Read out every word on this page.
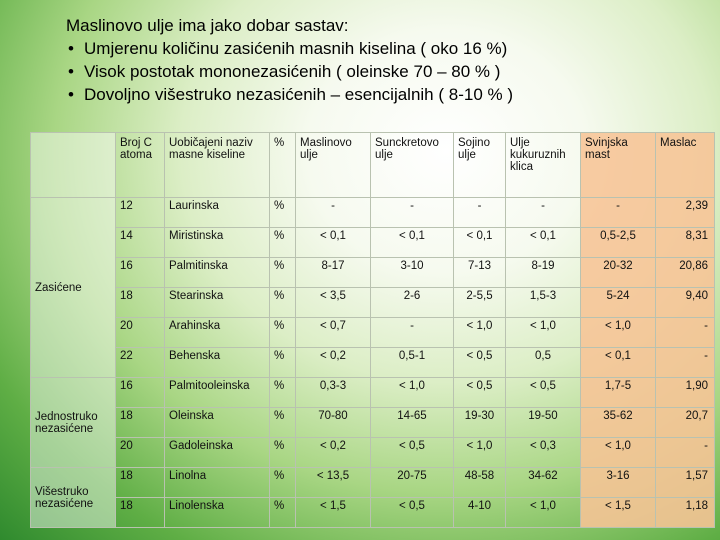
Maslinovo ulje ima jako dobar sastav:
• Umjerenu količinu zasićenih masnih kiselina ( oko 16 %)
• Visok postotak mononezasićenih ( oleinske 70 – 80 % )
• Dovoljno višestruko nezasićenih – esencijalnih ( 8-10 % )
	Broj C atoma	Uobičajeni naziv masne kiseline	%	Maslinovo ulje	Sunckretovo ulje	Sojino ulje	Ulje kukuruznih klica	Svinjska mast	Maslac
Zasićene	12	Laurinska	%	-	-	-	-	-	2,39
	14	Miristinska	%	< 0,1	< 0,1	< 0,1	< 0,1	0,5-2,5	8,31
	16	Palmitinska	%	8-17	3-10	7-13	8-19	20-32	20,86
	18	Stearinska	%	< 3,5	2-6	2-5,5	1,5-3	5-24	9,40
	20	Arahinska	%	< 0,7	-	< 1,0	< 1,0	< 1,0	-
	22	Behenska	%	< 0,2	0,5-1	< 0,5	0,5	< 0,1	-
Jednostruko nezasićene	16	Palmitooleinska	%	0,3-3	< 1,0	< 0,5	< 0,5	1,7-5	1,90
	18	Oleinska	%	70-80	14-65	19-30	19-50	35-62	20,7
	20	Gadoleinska	%	< 0,2	< 0,5	< 1,0	< 0,3	< 1,0	-
Višestruko nezasićene	18	Linolna	%	< 13,5	20-75	48-58	34-62	3-16	1,57
	18	Linolenska	%	< 1,5	< 0,5	4-10	< 1,0	< 1,5	1,18
